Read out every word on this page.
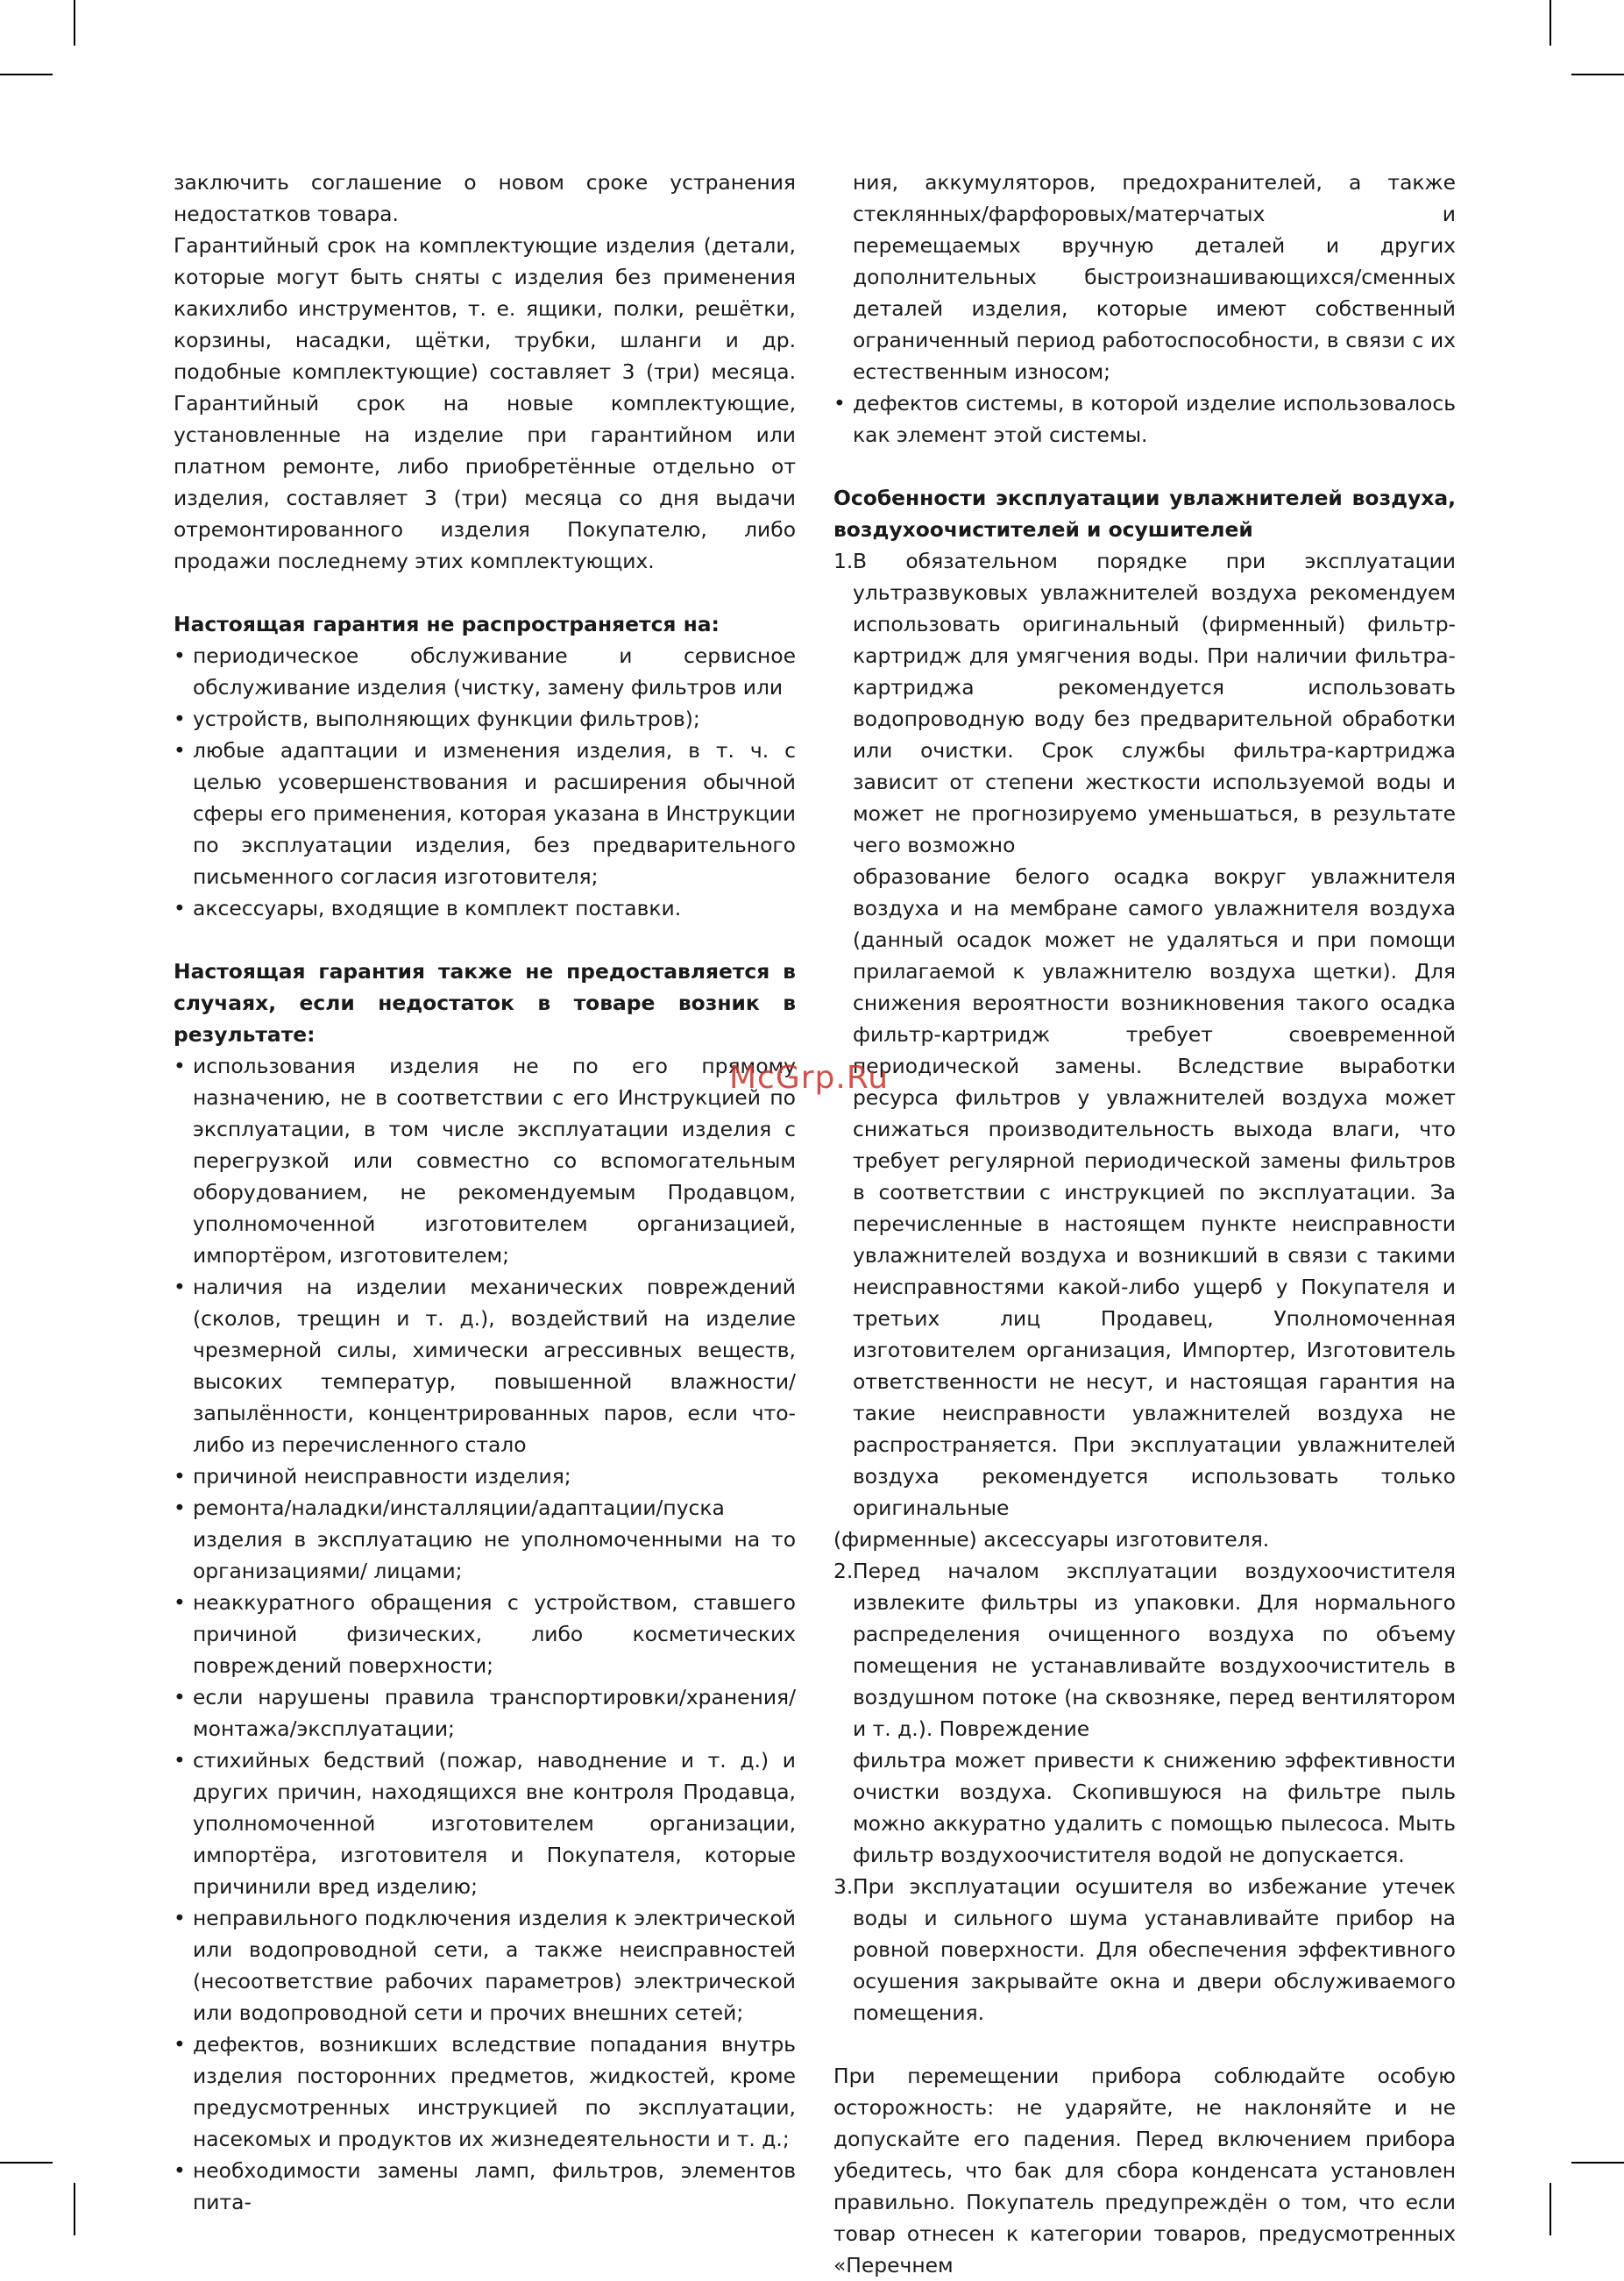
заключить соглашение о новом сроке устранения недостатков товара.

Гарантийный срок на комплектующие изделия (детали, которые могут быть сняты с изделия без применения какихлибо инструментов, т. е. ящики, полки, решётки, корзины, насадки, щётки, трубки, шланги и др. подобные комплектующие) составляет 3 (три) месяца. Гарантийный срок на новые комплектующие, установленные на изделие при гарантийном или платном ремонте, либо приобретённые отдельно от изделия, составляет 3 (три) месяца со дня выдачи отремонтированного изделия Покупателю, либо продажи последнему этих комплектующих.

Настоящая гарантия не распространяется на:
• периодическое обслуживание и сервисное обслуживание изделия (чистку, замену фильтров или
• устройств, выполняющих функции фильтров);
• любые адаптации и изменения изделия, в т. ч. с целью усовершенствования и расширения обычной сферы его применения, которая указана в Инструкции по эксплуатации изделия, без предварительного письменного согласия изготовителя;
• аксессуары, входящие в комплект поставки.
Настоящая гарантия также не предоставляется в случаях, если недостаток в товаре возник в результате:
• использования изделия не по его прямому назначению, не в соответствии с его Инструкцией по эксплуатации, в том числе эксплуатации изделия с перегрузкой или совместно со вспомогательным оборудованием, не рекомендуемым Продавцом, уполномоченной изготовителем организацией, импортёром, изготовителем;
• наличия на изделии механических повреждений (сколов, трещин и т. д.), воздействий на изделие чрезмерной силы, химически агрессивных веществ, высоких температур, повышенной влажности/запылённости, концентрированных паров, если что-либо из перечисленного стало
• причиной неисправности изделия;
• ремонта/наладки/инсталляции/адаптации/пуска изделия в эксплуатацию не уполномоченными на то организациями/ лицами;
• неаккуратного обращения с устройством, ставшего причиной физических, либо косметических повреждений поверхности;
• если нарушены правила транспортировки/хранения/ монтажа/эксплуатации;
• стихийных бедствий (пожар, наводнение и т. д.) и других причин, находящихся вне контроля Продавца, уполномоченной изготовителем организации, импортёра, изготовителя и Покупателя, которые причинили вред изделию;
• неправильного подключения изделия к электрической или водопроводной сети, а также неисправностей (несоответствие рабочих параметров) электрической или водопроводной сети и прочих внешних сетей;
• дефектов, возникших вследствие попадания внутрь изделия посторонних предметов, жидкостей, кроме предусмотренных инструкцией по эксплуатации, насекомых и продуктов их жизнедеятельности и т. д.;
• необходимости замены ламп, фильтров, элементов пита-

ния, аккумуляторов, предохранителей, а также стеклянных/фарфоровых/матерчатых и перемещаемых вручную деталей и других дополнительных быстроизнашивающихся/сменных деталей изделия, которые имеют собственный ограниченный период работоспособности, в связи с их естественным износом;

• дефектов системы, в которой изделие использовалось как элемент этой системы.
Особенности эксплуатации увлажнителей воздуха, воздухоочистителей и осушителей
1. В обязательном порядке при эксплуатации ультразвуковых увлажнителей воздуха рекомендуем использовать оригинальный (фирменный) фильтр-картридж для умягчения воды. При наличии фильтра-картриджа рекомендуется использовать водопроводную воду без предварительной обработки или очистки. Срок службы фильтра-картриджа зависит от степени жесткости используемой воды и может не прогнозируемо уменьшаться, в результате чего возможно
образование белого осадка вокруг увлажнителя воздуха и на мембране самого увлажнителя воздуха (данный осадок может не удаляться и при помощи прилагаемой к увлажнителю воздуха щетки). Для снижения вероятности возникновения такого осадка фильтр-картридж требует своевременной периодической замены. Вследствие выработки ресурса фильтров у увлажнителей воздуха может снижаться производительность выхода влаги, что требует регулярной периодической замены фильтров в соответствии с инструкцией по эксплуатации. За перечисленные в настоящем пункте неисправности увлажнителей воздуха и возникший в связи с такими неисправностями какой-либо ущерб у Покупателя и третьих лиц Продавец, Уполномоченная изготовителем организация, Импортер, Изготовитель ответственности не несут, и настоящая гарантия на такие неисправности увлажнителей воздуха не распространяется. При эксплуатации увлажнителей воздуха рекомендуется использовать только оригинальные

(фирменные) аксессуары изготовителя.

2. Перед началом эксплуатации воздухоочистителя извлеките фильтры из упаковки. Для нормального распределения очищенного воздуха по объему помещения не устанавливайте воздухоочиститель в воздушном потоке (на сквозняке, перед вентилятором и т. д.). Повреждение
фильтра может привести к снижению эффективности очистки воздуха. Скопившуюся на фильтре пыль можно аккуратно удалить с помощью пылесоса. Мыть фильтр воздухоочистителя водой не допускается.
3. При эксплуатации осушителя во избежание утечек воды и сильного шума устанавливайте прибор на ровной поверхности. Для обеспечения эффективного осушения закрывайте окна и двери обслуживаемого помещения.

При перемещении прибора соблюдайте особую осторожность: не ударяйте, не наклоняйте и не допускайте его падения. Перед включением прибора убедитесь, что бак для сбора конденсата установлен правильно. Покупатель предупреждён о том, что если товар отнесен к категории товаров, предусмотренных «Перечнем

McGrp.Ru
